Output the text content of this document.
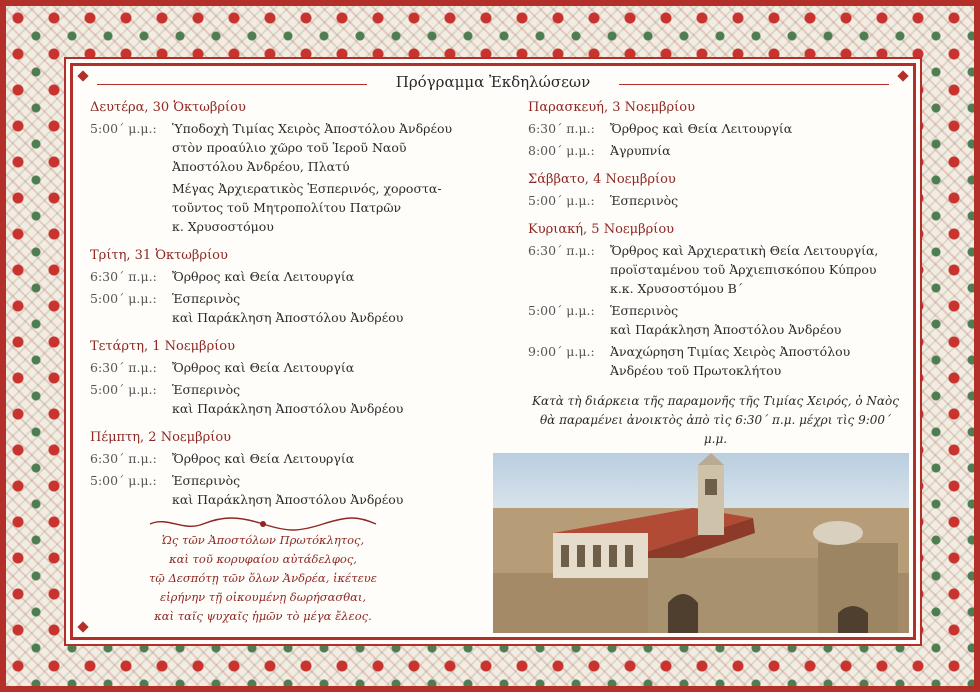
Πρόγραμμα Ἐκδηλώσεων
Δευτέρα, 30 Ὀκτωβρίου
5:00΄ μ.μ.:	Ὑποδοχὴ Τιμίας Χειρὸς Ἀποστόλου Ἀνδρέου
στὸν προαύλιο χῶρο τοῦ Ἱεροῦ Ναοῦ
Ἀποστόλου Ἀνδρέου, Πλατύ
Μέγας Ἀρχιερατικὸς Ἑσπερινός, χοροστα-
τοῦντος τοῦ Μητροπολίτου Πατρῶν
κ. Χρυσοστόμου
Τρίτη, 31 Ὀκτωβρίου
6:30΄ π.μ.:	Ὄρθρος καὶ Θεία Λειτουργία
5:00΄ μ.μ.:	Ἑσπερινὸς
καὶ Παράκληση Ἀποστόλου Ἀνδρέου
Τετάρτη, 1 Νοεμβρίου
6:30΄ π.μ.:	Ὄρθρος καὶ Θεία Λειτουργία
5:00΄ μ.μ.:	Ἑσπερινὸς
καὶ Παράκληση Ἀποστόλου Ἀνδρέου
Πέμπτη, 2 Νοεμβρίου
6:30΄ π.μ.:	Ὄρθρος καὶ Θεία Λειτουργία
5:00΄ μ.μ.:	Ἑσπερινὸς
καὶ Παράκληση Ἀποστόλου Ἀνδρέου
Παρασκευή, 3 Νοεμβρίου
6:30΄ π.μ.:	Ὄρθρος καὶ Θεία Λειτουργία
8:00΄ μ.μ.:	Ἀγρυπνία
Σάββατο, 4 Νοεμβρίου
5:00΄ μ.μ.:	Ἑσπερινὸς
Κυριακή, 5 Νοεμβρίου
6:30΄ π.μ.:	Ὄρθρος καὶ Ἀρχιερατικὴ Θεία Λειτουργία,
προϊσταμένου τοῦ Ἀρχιεπισκόπου Κύπρου
κ.κ. Χρυσοστόμου Β΄
5:00΄ μ.μ.:	Ἑσπερινὸς
καὶ Παράκληση Ἀποστόλου Ἀνδρέου
9:00΄ μ.μ.:	Ἀναχώρηση Τιμίας Χειρὸς Ἀποστόλου
Ἀνδρέου τοῦ Πρωτοκλήτου
Κατὰ τὴ διάρκεια τῆς παραμονῆς τῆς Τιμίας Χειρός, ὁ Ναὸς
θὰ παραμένει ἀνοικτὸς ἀπὸ τὶς 6:30΄ π.μ. μέχρι τὶς 9:00΄ μ.μ.
Ὡς τῶν Ἀποστόλων Πρωτόκλητος,
καὶ τοῦ κορυφαίου αὐτάδελφος,
τῷ Δεσπότῃ τῶν ὅλων Ἀνδρέα, ἱκέτευε
εἰρήνην τῇ οἰκουμένῃ δωρήσασθαι,
καὶ ταῖς ψυχαῖς ἡμῶν τὸ μέγα ἔλεος.
